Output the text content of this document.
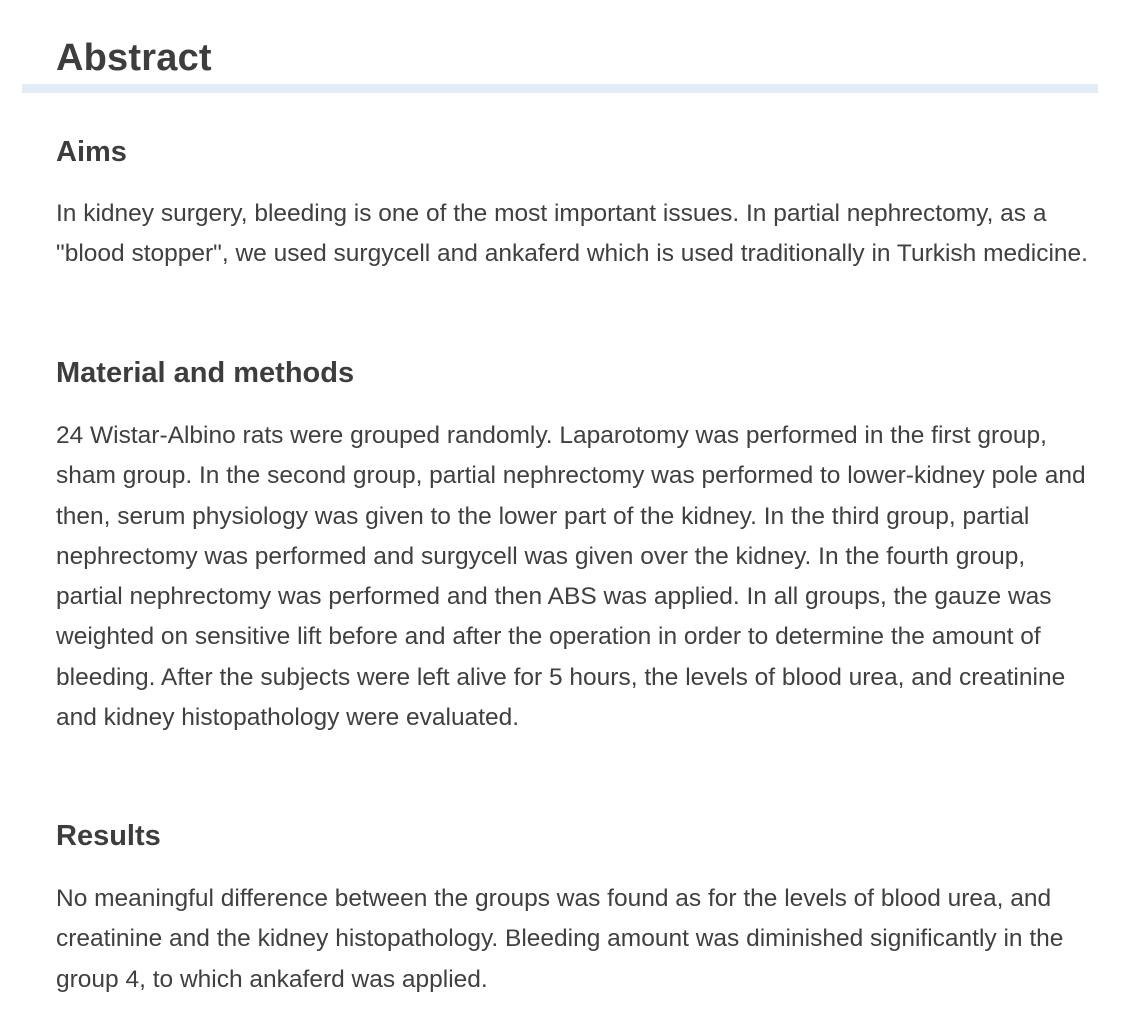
Abstract
Aims

In kidney surgery, bleeding is one of the most important issues. In partial nephrectomy, as a "blood stopper", we used surgycell and ankaferd which is used traditionally in Turkish medicine.

Material and methods

24 Wistar-Albino rats were grouped randomly. Laparotomy was performed in the first group, sham group. In the second group, partial nephrectomy was performed to lower-kidney pole and then, serum physiology was given to the lower part of the kidney. In the third group, partial nephrectomy was performed and surgycell was given over the kidney. In the fourth group, partial nephrectomy was performed and then ABS was applied. In all groups, the gauze was weighted on sensitive lift before and after the operation in order to determine the amount of bleeding. After the subjects were left alive for 5 hours, the levels of blood urea, and creatinine and kidney histopathology were evaluated.

Results

No meaningful difference between the groups was found as for the levels of blood urea, and creatinine and the kidney histopathology. Bleeding amount was diminished significantly in the group 4, to which ankaferd was applied.
